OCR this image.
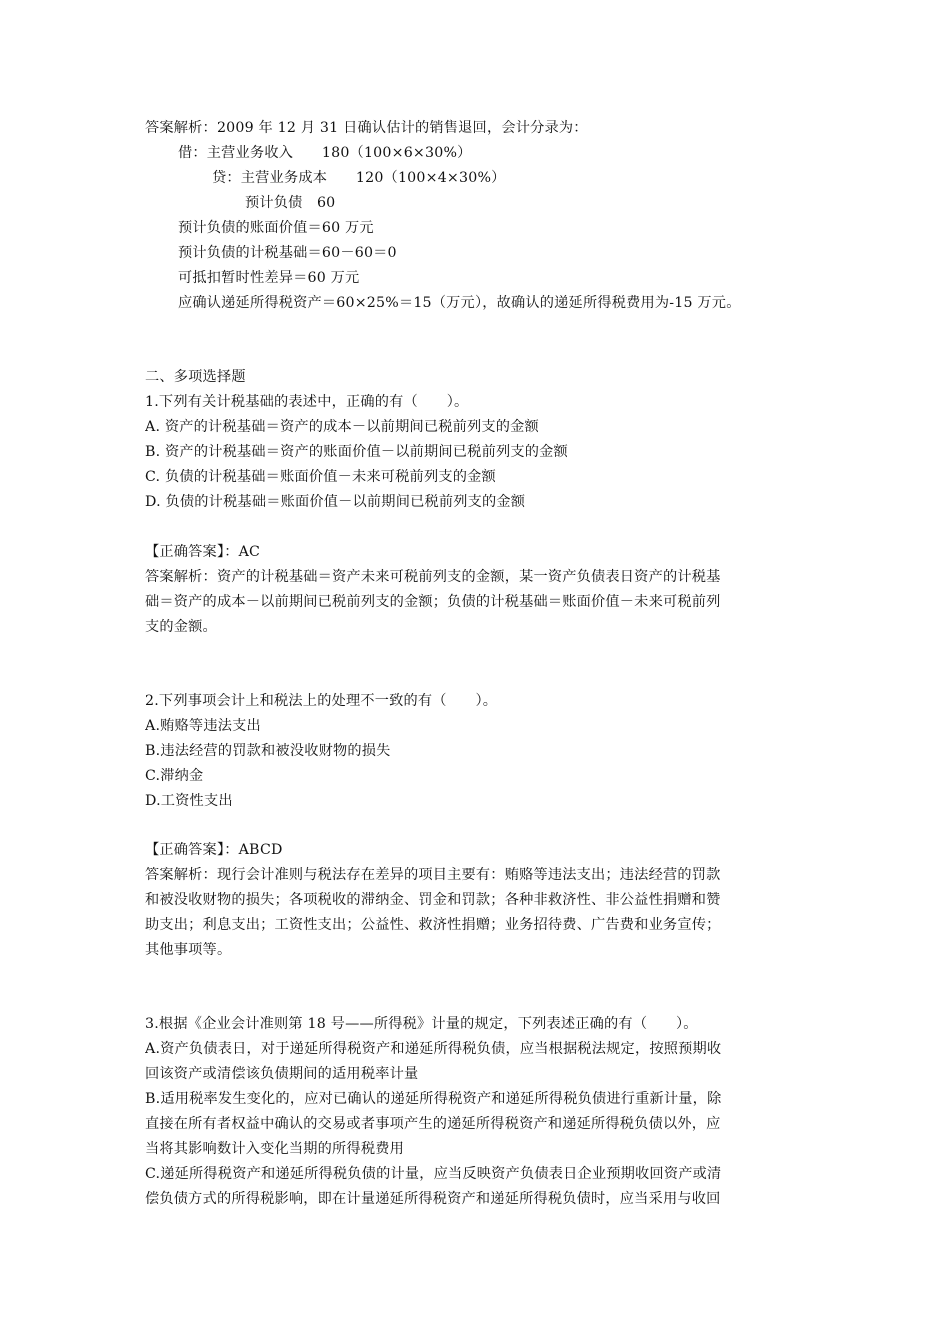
答案解析：2009 年 12 月 31 日确认估计的销售退回，会计分录为：
借：主营业务收入　　180（100×6×30%）
贷：主营业务成本　　120（100×4×30%）
预计负债　60
预计负债的账面价值＝60 万元
预计负债的计税基础＝60－60＝0
可抵扣暂时性差异＝60 万元
应确认递延所得税资产＝60×25%＝15（万元），故确认的递延所得税费用为-15 万元。
二、多项选择题
1.下列有关计税基础的表述中，正确的有（　　）。
A. 资产的计税基础＝资产的成本－以前期间已税前列支的金额
B. 资产的计税基础＝资产的账面价值－以前期间已税前列支的金额
C. 负债的计税基础＝账面价值－未来可税前列支的金额
D. 负债的计税基础＝账面价值－以前期间已税前列支的金额
【正确答案】：AC
答案解析：资产的计税基础＝资产未来可税前列支的金额，某一资产负债表日资产的计税基
础＝资产的成本－以前期间已税前列支的金额；负债的计税基础＝账面价值－未来可税前列
支的金额。
2.下列事项会计上和税法上的处理不一致的有（　　）。
A.贿赂等违法支出
B.违法经营的罚款和被没收财物的损失
C.滞纳金
D.工资性支出
【正确答案】：ABCD
答案解析：现行会计准则与税法存在差异的项目主要有：贿赂等违法支出；违法经营的罚款
和被没收财物的损失；各项税收的滞纳金、罚金和罚款；各种非救济性、非公益性捐赠和赞
助支出；利息支出；工资性支出；公益性、救济性捐赠；业务招待费、广告费和业务宣传；
其他事项等。
3.根据《企业会计准则第 18 号——所得税》计量的规定，下列表述正确的有（　　）。
A.资产负债表日，对于递延所得税资产和递延所得税负债，应当根据税法规定，按照预期收
回该资产或清偿该负债期间的适用税率计量
B.适用税率发生变化的，应对已确认的递延所得税资产和递延所得税负债进行重新计量，除
直接在所有者权益中确认的交易或者事项产生的递延所得税资产和递延所得税负债以外，应
当将其影响数计入变化当期的所得税费用
C.递延所得税资产和递延所得税负债的计量，应当反映资产负债表日企业预期收回资产或清
偿负债方式的所得税影响，即在计量递延所得税资产和递延所得税负债时，应当采用与收回
